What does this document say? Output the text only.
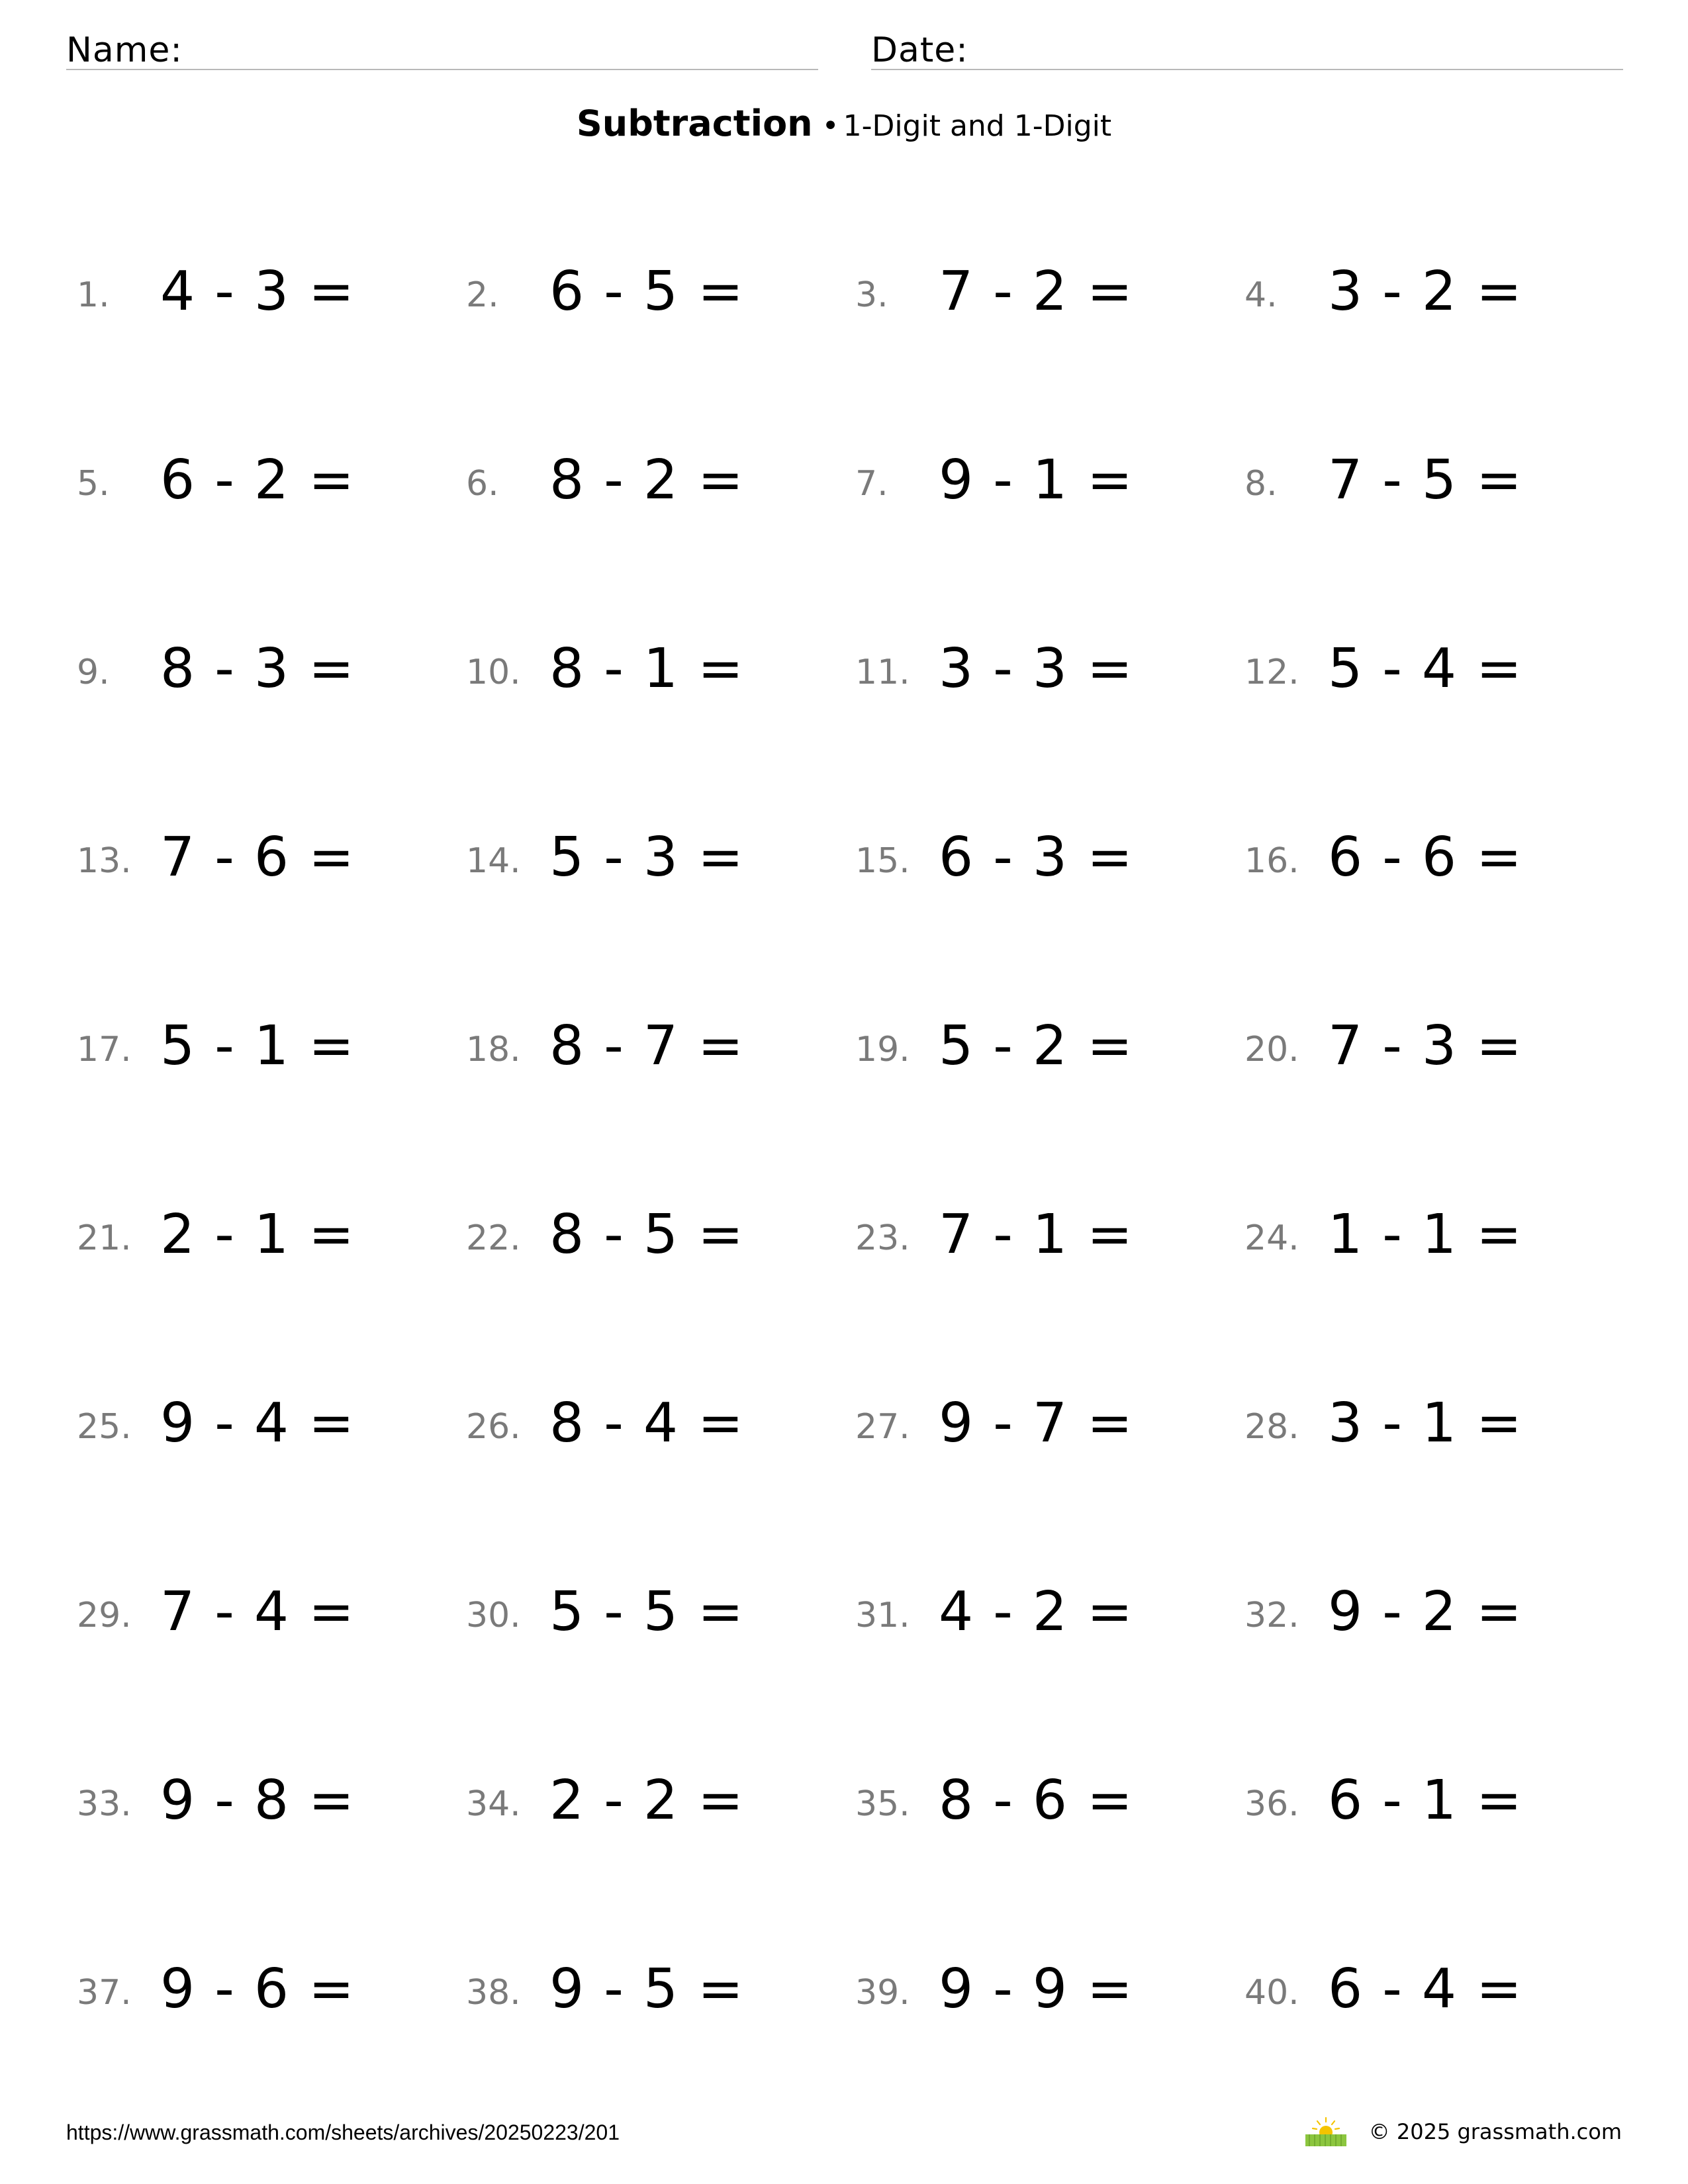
Name:	Date:
Subtraction • 1-Digit and 1-Digit
1. 4 - 3 =	2. 6 - 5 =	3. 7 - 2 =	4. 3 - 2 =
5. 6 - 2 =	6. 8 - 2 =	7. 9 - 1 =	8. 7 - 5 =
9. 8 - 3 =	10. 8 - 1 =	11. 3 - 3 =	12. 5 - 4 =
13. 7 - 6 =	14. 5 - 3 =	15. 6 - 3 =	16. 6 - 6 =
17. 5 - 1 =	18. 8 - 7 =	19. 5 - 2 =	20. 7 - 3 =
21. 2 - 1 =	22. 8 - 5 =	23. 7 - 1 =	24. 1 - 1 =
25. 9 - 4 =	26. 8 - 4 =	27. 9 - 7 =	28. 3 - 1 =
29. 7 - 4 =	30. 5 - 5 =	31. 4 - 2 =	32. 9 - 2 =
33. 9 - 8 =	34. 2 - 2 =	35. 8 - 6 =	36. 6 - 1 =
37. 9 - 6 =	38. 9 - 5 =	39. 9 - 9 =	40. 6 - 4 =
https://www.grassmath.com/sheets/archives/20250223/201	© 2025 grassmath.com
